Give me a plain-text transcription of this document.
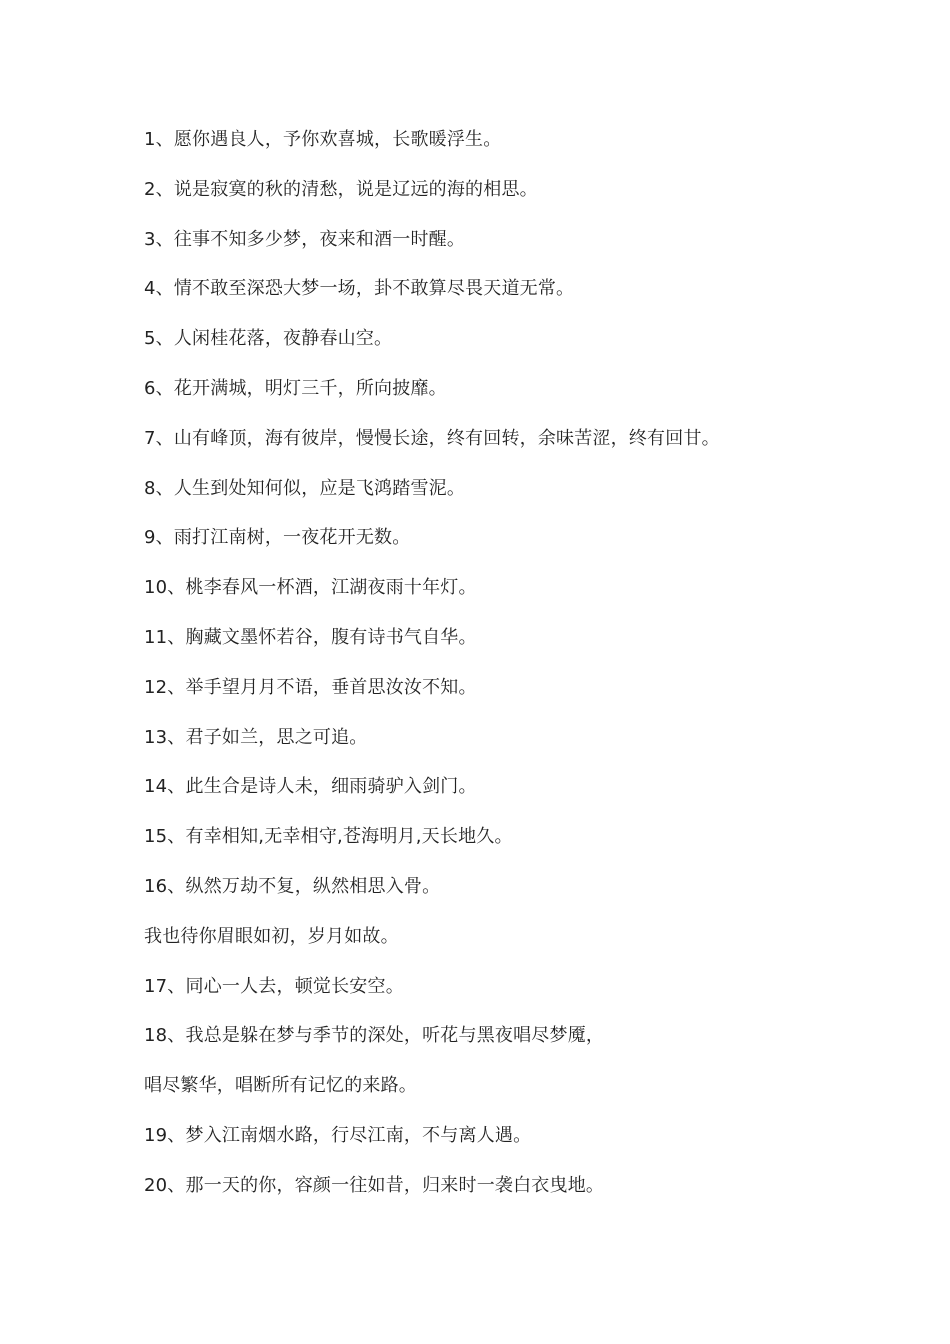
1、愿你遇良人，予你欢喜城，长歌暖浮生。
2、说是寂寞的秋的清愁，说是辽远的海的相思。
3、往事不知多少梦，夜来和酒一时醒。
4、情不敢至深恐大梦一场，卦不敢算尽畏天道无常。
5、人闲桂花落，夜静春山空。
6、花开满城，明灯三千，所向披靡。
7、山有峰顶，海有彼岸，慢慢长途，终有回转，余味苦涩，终有回甘。
8、人生到处知何似，应是飞鸿踏雪泥。
9、雨打江南树，一夜花开无数。
10、桃李春风一杯酒，江湖夜雨十年灯。
11、胸藏文墨怀若谷，腹有诗书气自华。
12、举手望月月不语，垂首思汝汝不知。
13、君子如兰，思之可追。
14、此生合是诗人未，细雨骑驴入剑门。
15、有幸相知,无幸相守,苍海明月,天长地久。
16、纵然万劫不复，纵然相思入骨。
我也待你眉眼如初，岁月如故。
17、同心一人去，顿觉长安空。
18、我总是躲在梦与季节的深处，听花与黑夜唱尽梦魇，
唱尽繁华，唱断所有记忆的来路。
19、梦入江南烟水路，行尽江南，不与离人遇。
20、那一天的你，容颜一往如昔，归来时一袭白衣曳地。
